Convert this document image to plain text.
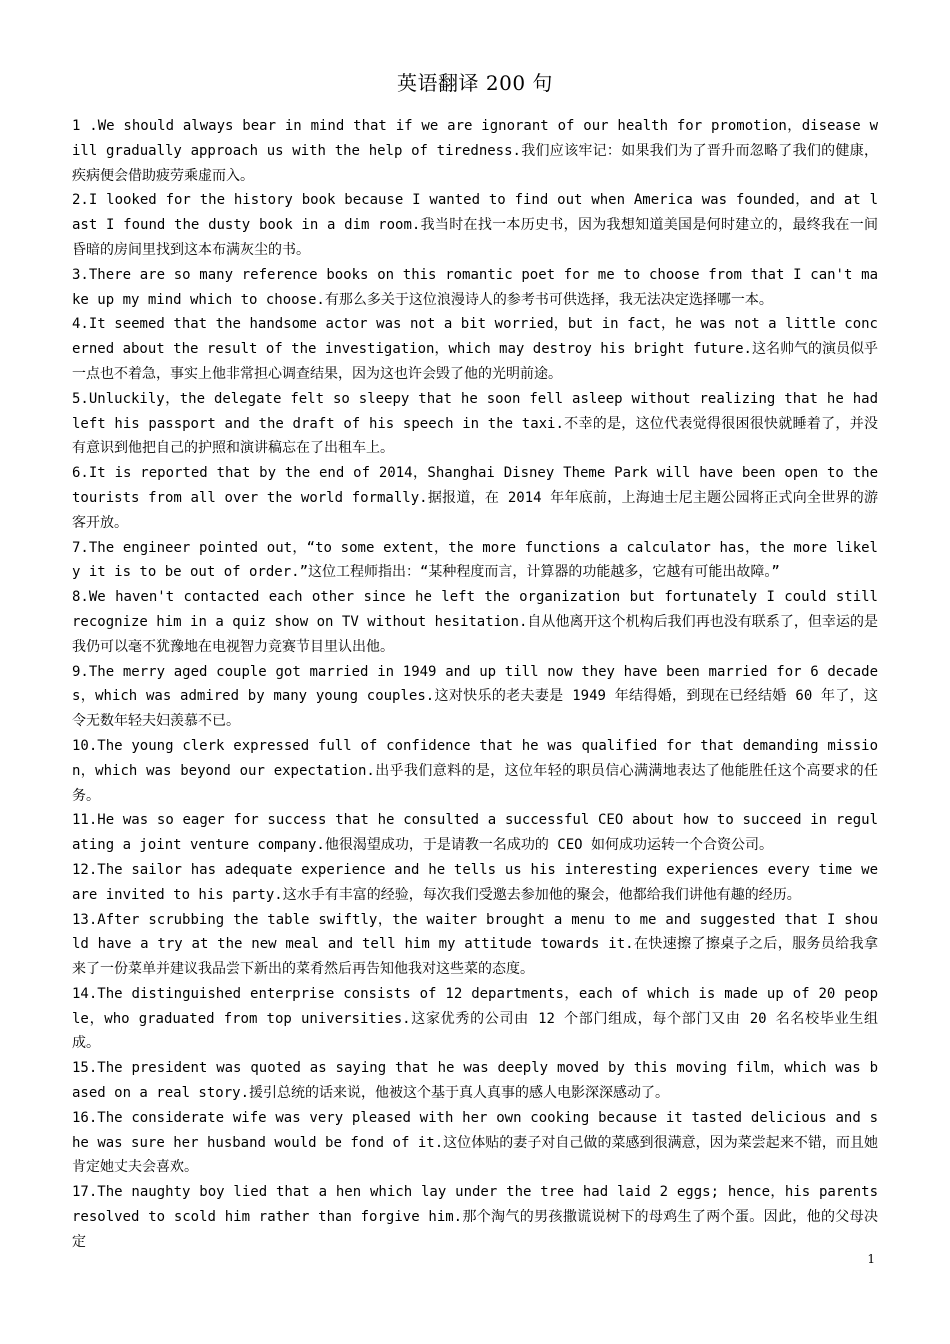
英语翻译 200 句

1 .We should always bear in mind that if we are ignorant of our health for promotion，disease will gradually approach us with the help of tiredness.我们应该牢记：如果我们为了晋升而忽略了我们的健康，疾病便会借助疲劳乘虚而入。

2.I looked for the history book because I wanted to find out when America was founded，and at last I found the dusty book in a dim room.我当时在找一本历史书，因为我想知道美国是何时建立的，最终我在一间昏暗的房间里找到这本布满灰尘的书。

3.There are so many reference books on this romantic poet for me to choose from that I can't make up my mind which to choose.有那么多关于这位浪漫诗人的参考书可供选择，我无法决定选择哪一本。

4.It seemed that the handsome actor was not a bit worried，but in fact，he was not a little concerned about the result of the investigation，which may destroy his bright future.这名帅气的演员似乎一点也不着急，事实上他非常担心调查结果，因为这也许会毁了他的光明前途。

5.Unluckily，the delegate felt so sleepy that he soon fell asleep without realizing that he had left his passport and the draft of his speech in the taxi.不幸的是，这位代表觉得很困很快就睡着了，并没有意识到他把自己的护照和演讲稿忘在了出租车上。

6.It is reported that by the end of 2014，Shanghai Disney Theme Park will have been open to the tourists from all over the world formally.据报道，在 2014 年年底前，上海迪士尼主题公园将正式向全世界的游客开放。

7.The engineer pointed out，“to some extent，the more functions a calculator has，the more likely it is to be out of order.”这位工程师指出：“某种程度而言，计算器的功能越多，它越有可能出故障。”

8.We haven't contacted each other since he left the organization but fortunately I could still recognize him in a quiz show on TV without hesitation.自从他离开这个机构后我们再也没有联系了，但幸运的是我仍可以毫不犹豫地在电视智力竞赛节目里认出他。

9.The merry aged couple got married in 1949 and up till now they have been married for 6 decades，which was admired by many young couples.这对快乐的老夫妻是 1949 年结得婚，到现在已经结婚 60 年了，这令无数年轻夫妇羡慕不已。

10.The young clerk expressed full of confidence that he was qualified for that demanding mission，which was beyond our expectation.出乎我们意料的是，这位年轻的职员信心满满地表达了他能胜任这个高要求的任务。

11.He was so eager for success that he consulted a successful CEO about how to succeed in regulating a joint venture company.他很渴望成功，于是请教一名成功的 CEO 如何成功运转一个合资公司。

12.The sailor has adequate experience and he tells us his interesting experiences every time we are invited to his party.这水手有丰富的经验，每次我们受邀去参加他的聚会，他都给我们讲他有趣的经历。

13.After scrubbing the table swiftly，the waiter brought a menu to me and suggested that I should have a try at the new meal and tell him my attitude towards it.在快速擦了擦桌子之后，服务员给我拿来了一份菜单并建议我品尝下新出的菜肴然后再告知他我对这些菜的态度。

14.The distinguished enterprise consists of 12 departments，each of which is made up of 20 people，who graduated from top universities.这家优秀的公司由 12 个部门组成，每个部门又由 20 名名校毕业生组成。

15.The president was quoted as saying that he was deeply moved by this moving film，which was based on a real story.援引总统的话来说，他被这个基于真人真事的感人电影深深感动了。

16.The considerate wife was very pleased with her own cooking because it tasted delicious and she was sure her husband would be fond of it.这位体贴的妻子对自己做的菜感到很满意，因为菜尝起来不错，而且她肯定她丈夫会喜欢。

17.The naughty boy lied that a hen which lay under the tree had laid 2 eggs; hence，his parents resolved to scold him rather than forgive him.那个淘气的男孩撒谎说树下的母鸡生了两个蛋。因此，他的父母决定

1
